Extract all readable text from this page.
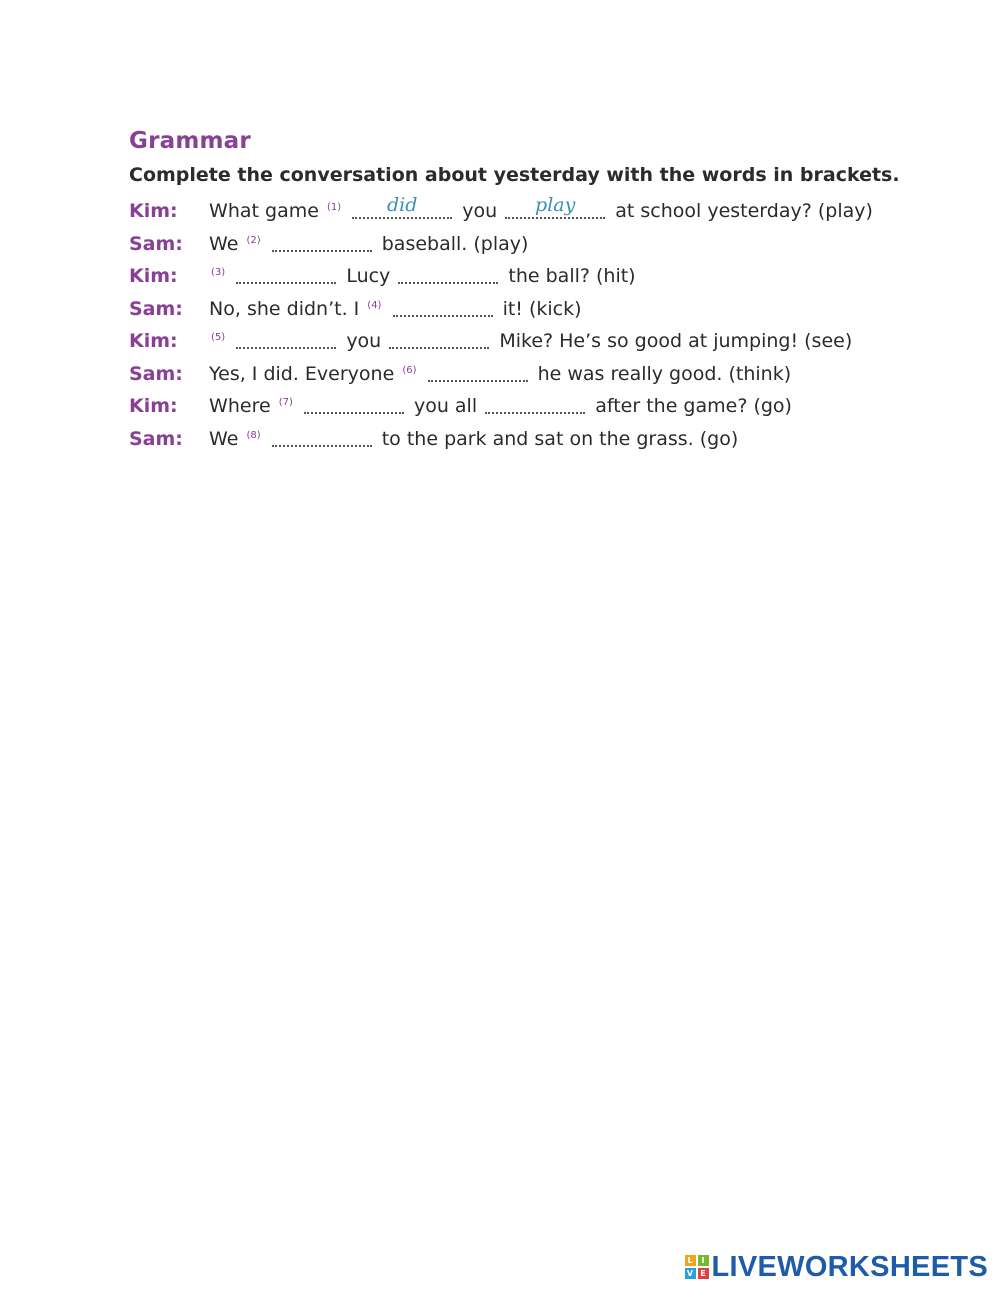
Grammar
Complete the conversation about yesterday with the words in brackets.
Kim: What game $^{(1)}$	did	you	play	at school yesterday? (play)
Sam: We $^{(2)}$	baseball. (play)
Kim:	$^{(3)}$	Lucy	the ball? (hit)
Sam: No, she didn’t. I $^{(4)}$	it! (kick)
Kim:	$^{(5)}$	you	Mike? He’s so good at jumping! (see)
Sam: Yes, I did. Everyone $^{(6)}$	he was really good. (think)
Kim: Where $^{(7)}$	you all	after the game? (go)
Sam: We $^{(8)}$	to the park and sat on the grass. (go)
L	I
V E LIVEWORKSHEETS
